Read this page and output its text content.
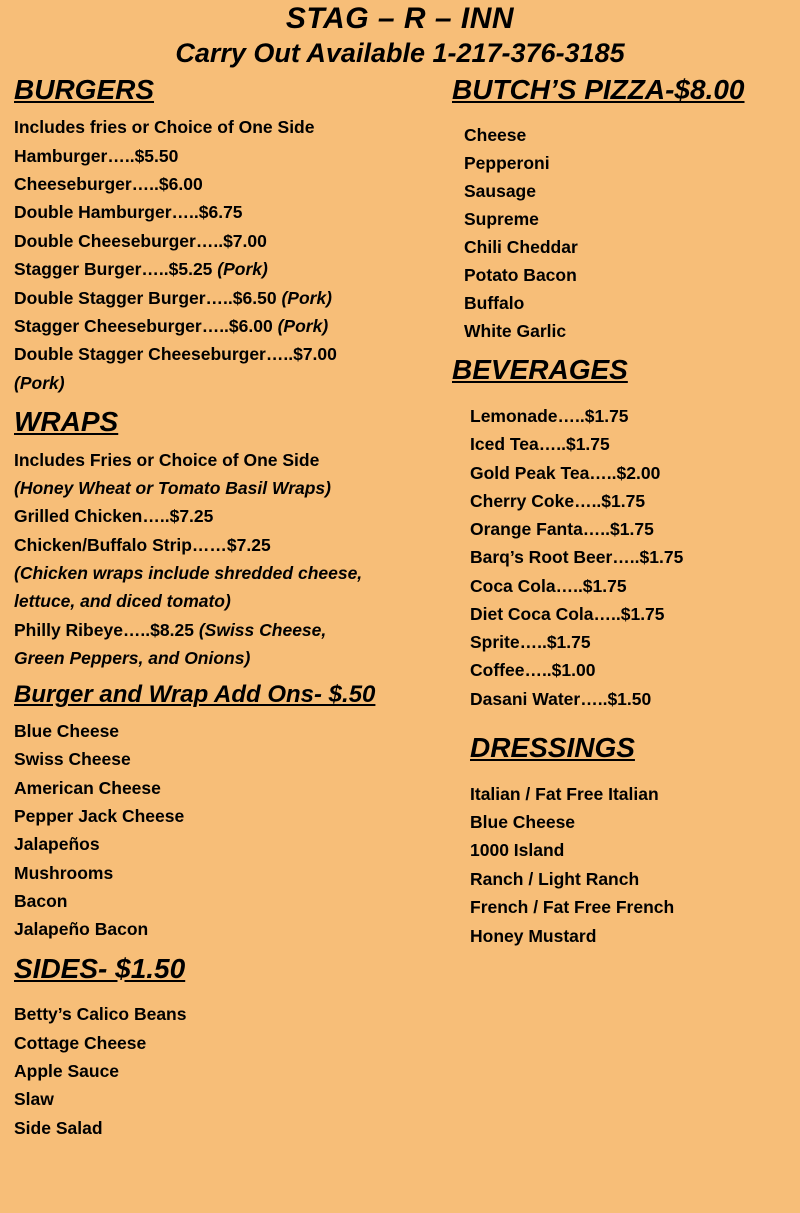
STAG – R – INN
Carry Out Available 1-217-376-3185
BURGERS
Includes fries or Choice of One Side
Hamburger…..$5.50
Cheeseburger…..$6.00
Double Hamburger…..$6.75
Double Cheeseburger…..$7.00
Stagger Burger…..$5.25 (Pork)
Double Stagger Burger…..$6.50 (Pork)
Stagger Cheeseburger…..$6.00 (Pork)
Double Stagger Cheeseburger…..$7.00
(Pork)
WRAPS
Includes Fries or Choice of One Side
(Honey Wheat or Tomato Basil Wraps)
Grilled Chicken…..$7.25
Chicken/Buffalo Strip……$7.25
(Chicken wraps include shredded cheese,
lettuce, and diced tomato)
Philly Ribeye…..$8.25 (Swiss Cheese,
Green Peppers, and Onions)
Burger and Wrap Add Ons- $.50
Blue Cheese
Swiss Cheese
American Cheese
Pepper Jack Cheese
Jalapeños
Mushrooms
Bacon
Jalapeño Bacon
SIDES- $1.50
Betty’s Calico Beans
Cottage Cheese
Apple Sauce
Slaw
Side Salad
BUTCH’S PIZZA-$8.00
Cheese
Pepperoni
Sausage
Supreme
Chili Cheddar
Potato Bacon
Buffalo
White Garlic
BEVERAGES
Lemonade…..$1.75
Iced Tea…..$1.75
Gold Peak Tea…..$2.00
Cherry Coke…..$1.75
Orange Fanta…..$1.75
Barq’s Root Beer…..$1.75
Coca Cola…..$1.75
Diet Coca Cola…..$1.75
Sprite…..$1.75
Coffee…..$1.00
Dasani Water…..$1.50
DRESSINGS
Italian / Fat Free Italian
Blue Cheese
1000 Island
Ranch / Light Ranch
French / Fat Free French
Honey Mustard
